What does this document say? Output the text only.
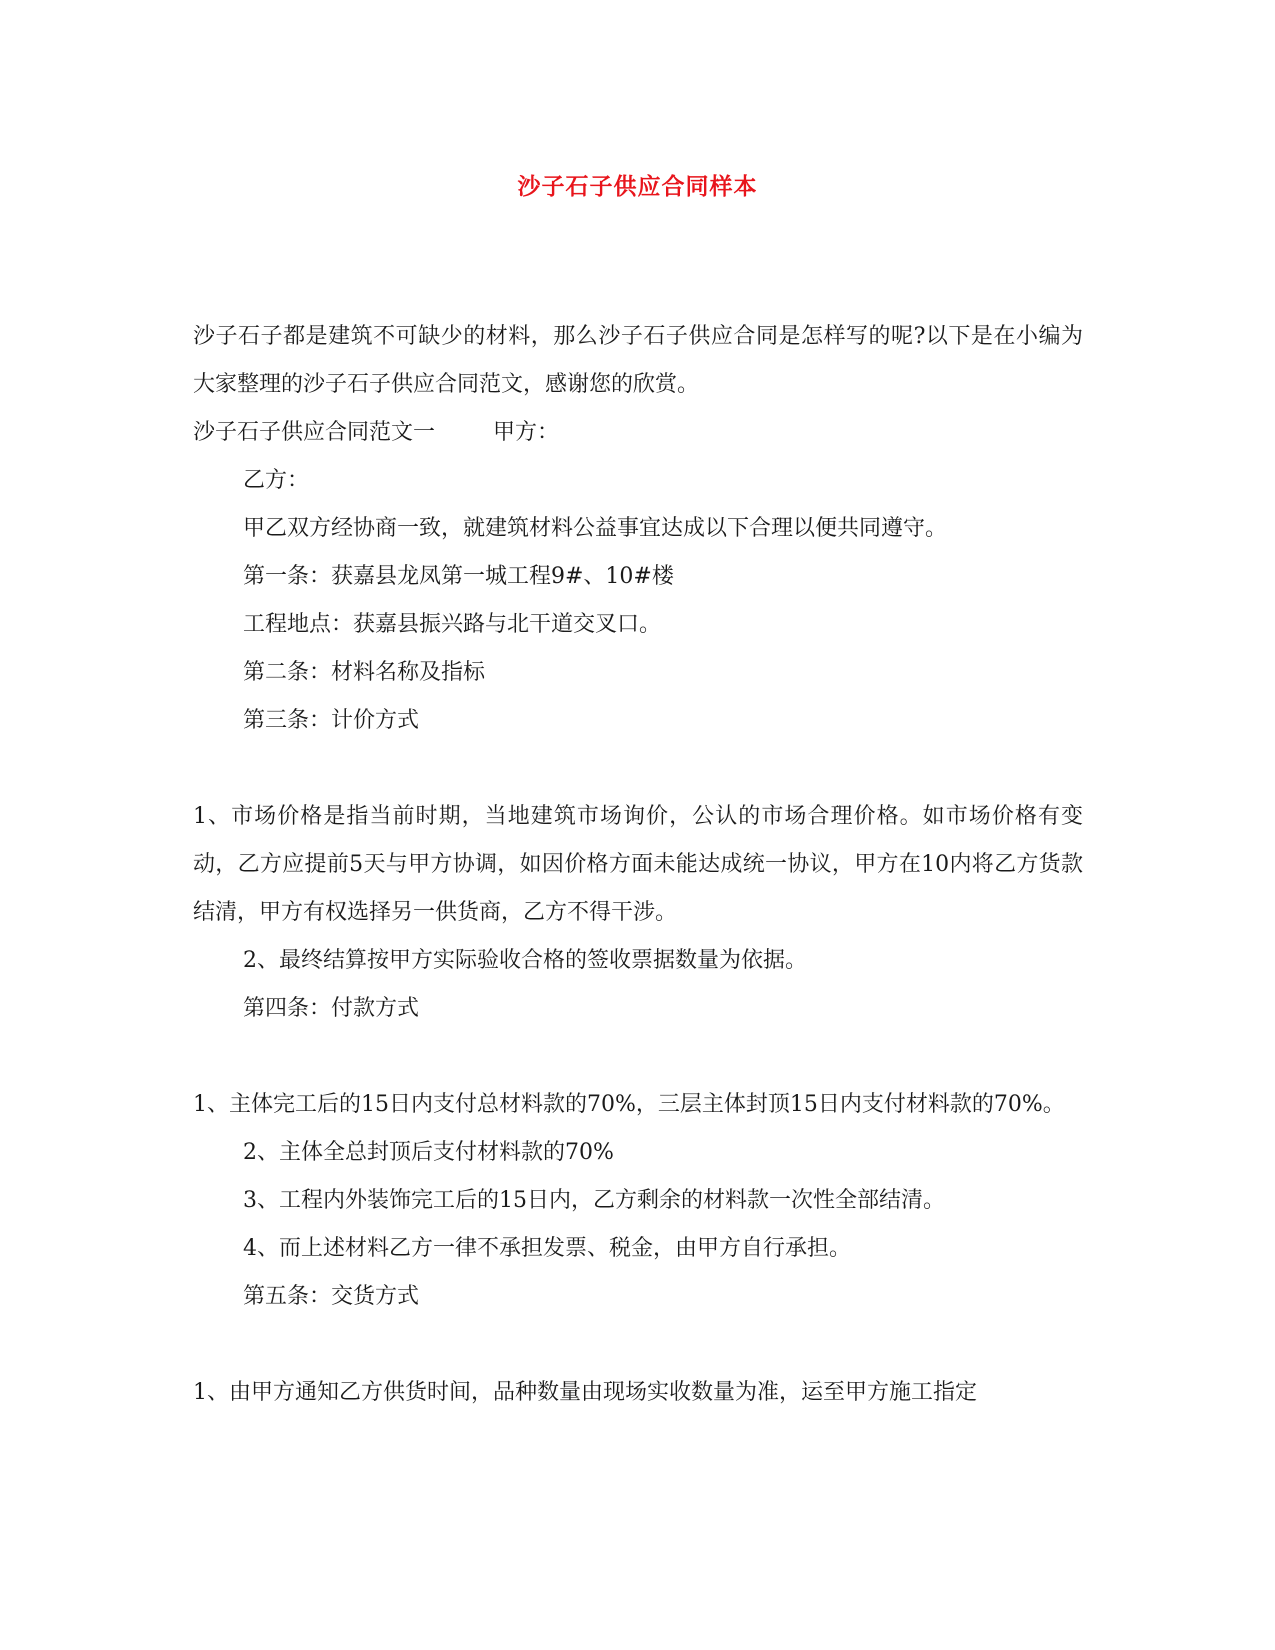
沙子石子供应合同样本

沙子石子都是建筑不可缺少的材料，那么沙子石子供应合同是怎样写的呢?以下是在小编为大家整理的沙子石子供应合同范文，感谢您的欣赏。

沙子石子供应合同范文一	甲方：

乙方：

甲乙双方经协商一致，就建筑材料公益事宜达成以下合理以便共同遵守。

第一条：获嘉县龙凤第一城工程9#、10#楼

工程地点：获嘉县振兴路与北干道交叉口。

第二条：材料名称及指标

第三条：计价方式

1、市场价格是指当前时期，当地建筑市场询价，公认的市场合理价格。如市场价格有变动，乙方应提前5天与甲方协调，如因价格方面未能达成统一协议，甲方在10内将乙方货款结清，甲方有权选择另一供货商，乙方不得干涉。

2、最终结算按甲方实际验收合格的签收票据数量为依据。

第四条：付款方式

1、主体完工后的15日内支付总材料款的70%，三层主体封顶15日内支付材料款的70%。

2、主体全总封顶后支付材料款的70%

3、工程内外装饰完工后的15日内，乙方剩余的材料款一次性全部结清。

4、而上述材料乙方一律不承担发票、税金，由甲方自行承担。

第五条：交货方式

1、由甲方通知乙方供货时间，品种数量由现场实收数量为准，运至甲方施工指定
